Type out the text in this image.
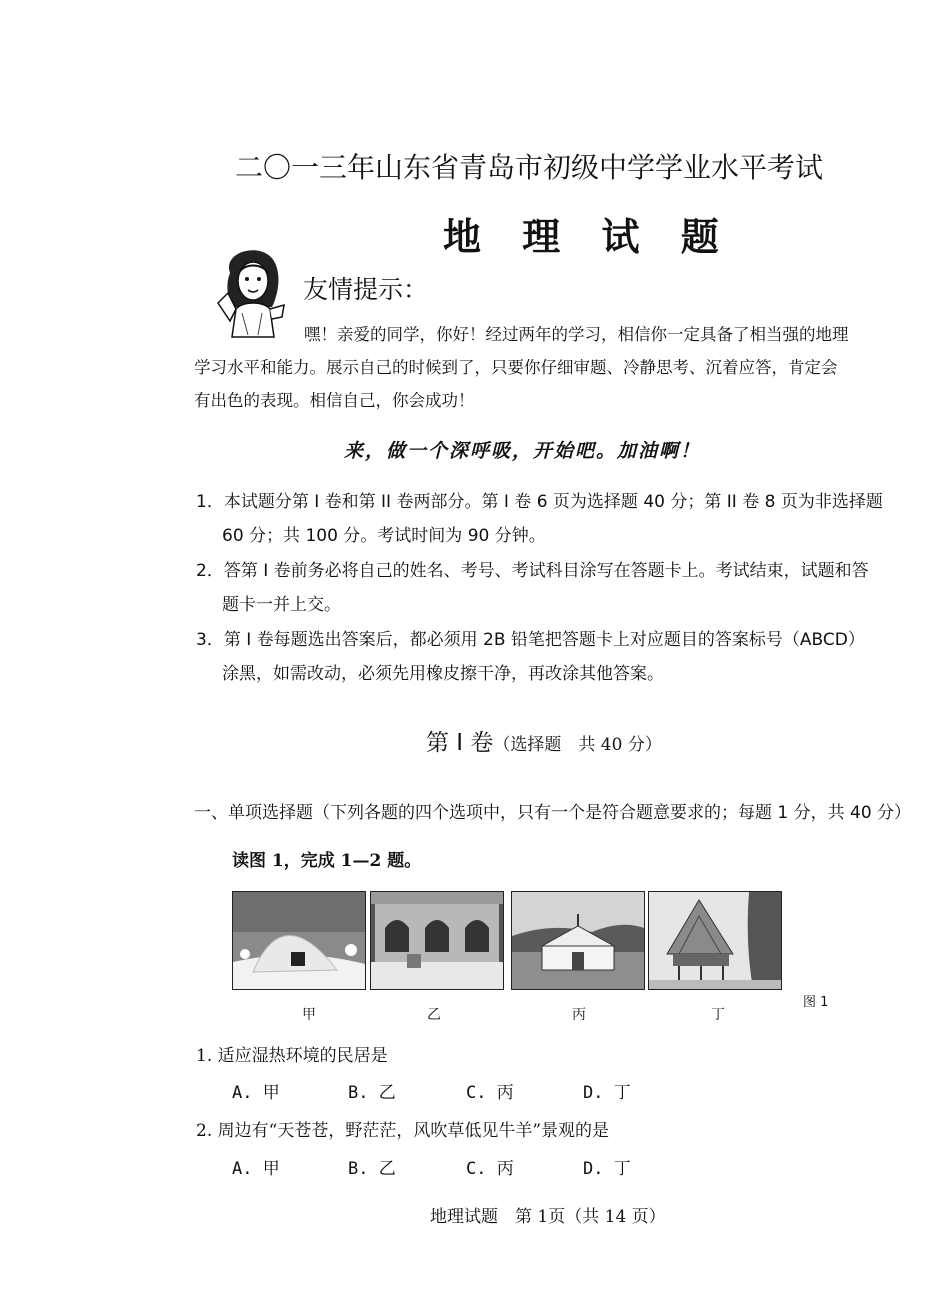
二〇一三年山东省青岛市初级中学学业水平考试
地 理 试 题
友情提示：
嘿！亲爱的同学，你好！经过两年的学习，相信你一定具备了相当强的地理
学习水平和能力。展示自己的时候到了，只要你仔细审题、冷静思考、沉着应答，肯定会
有出色的表现。相信自己，你会成功！
来，做一个深呼吸，开始吧。加油啊！
1．本试题分第 I 卷和第 II 卷两部分。第 I 卷 6 页为选择题 40 分；第 II 卷 8 页为非选择题
60 分；共 100 分。考试时间为 90 分钟。
2．答第 I 卷前务必将自己的姓名、考号、考试科目涂写在答题卡上。考试结束，试题和答
题卡一并上交。
3．第 I 卷每题选出答案后，都必须用 2B 铅笔把答题卡上对应题目的答案标号（ABCD）
涂黑，如需改动，必须先用橡皮擦干净，再改涂其他答案。
第 Ⅰ 卷（选择题　共 40 分）
一、单项选择题（下列各题的四个选项中，只有一个是符合题意要求的；每题 1 分，共 40 分）
读图 1，完成 1—2 题。
甲	乙	丙	丁
图 1
1. 适应湿热环境的民居是
A. 甲	B. 乙	C. 丙	D. 丁
2. 周边有“天苍苍，野茫茫，风吹草低见牛羊”景观的是
A. 甲	B. 乙	C. 丙	D. 丁
地理试题　第 1页（共 14 页）
